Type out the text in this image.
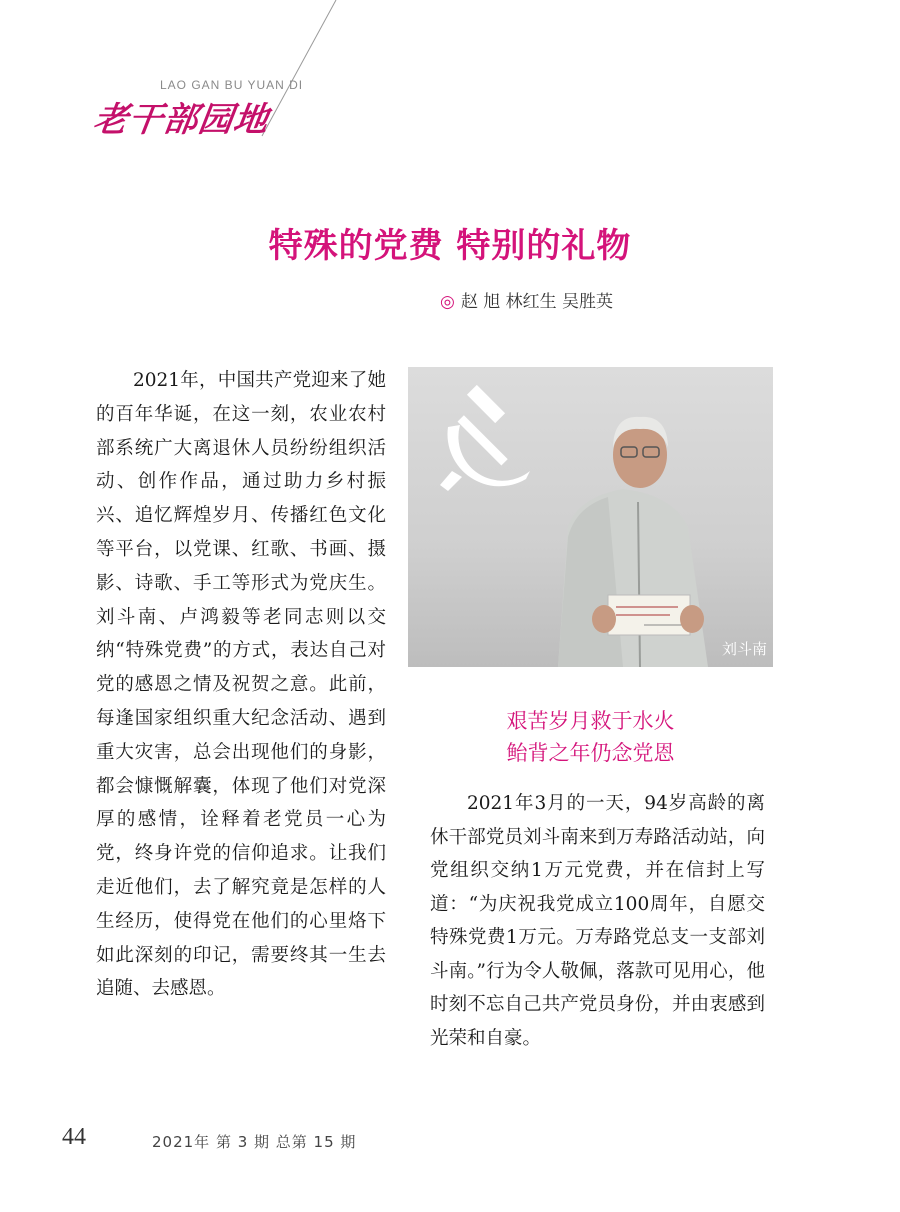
LAO GAN BU YUAN DI
老干部园地
特殊的党费 特别的礼物
◎ 赵 旭 林红生 吴胜英

2021年，中国共产党迎来了她的百年华诞，在这一刻，农业农村部系统广大离退休人员纷纷组织活动、创作作品，通过助力乡村振兴、追忆辉煌岁月、传播红色文化等平台，以党课、红歌、书画、摄影、诗歌、手工等形式为党庆生。刘斗南、卢鸿毅等老同志则以交纳“特殊党费”的方式，表达自己对党的感恩之情及祝贺之意。此前，每逢国家组织重大纪念活动、遇到重大灾害，总会出现他们的身影，都会慷慨解囊，体现了他们对党深厚的感情，诠释着老党员一心为党，终身许党的信仰追求。让我们走近他们，去了解究竟是怎样的人生经历，使得党在他们的心里烙下如此深刻的印记，需要终其一生去追随、去感恩。

刘斗南
艰苦岁月救于水火
鲐背之年仍念党恩

2021年3月的一天，94岁高龄的离休干部党员刘斗南来到万寿路活动站，向党组织交纳1万元党费，并在信封上写道：“为庆祝我党成立100周年，自愿交特殊党费1万元。万寿路党总支一支部刘斗南。”行为令人敬佩，落款可见用心，他时刻不忘自己共产党员身份，并由衷感到光荣和自豪。

44	2021年 第 3 期 总第 15 期
